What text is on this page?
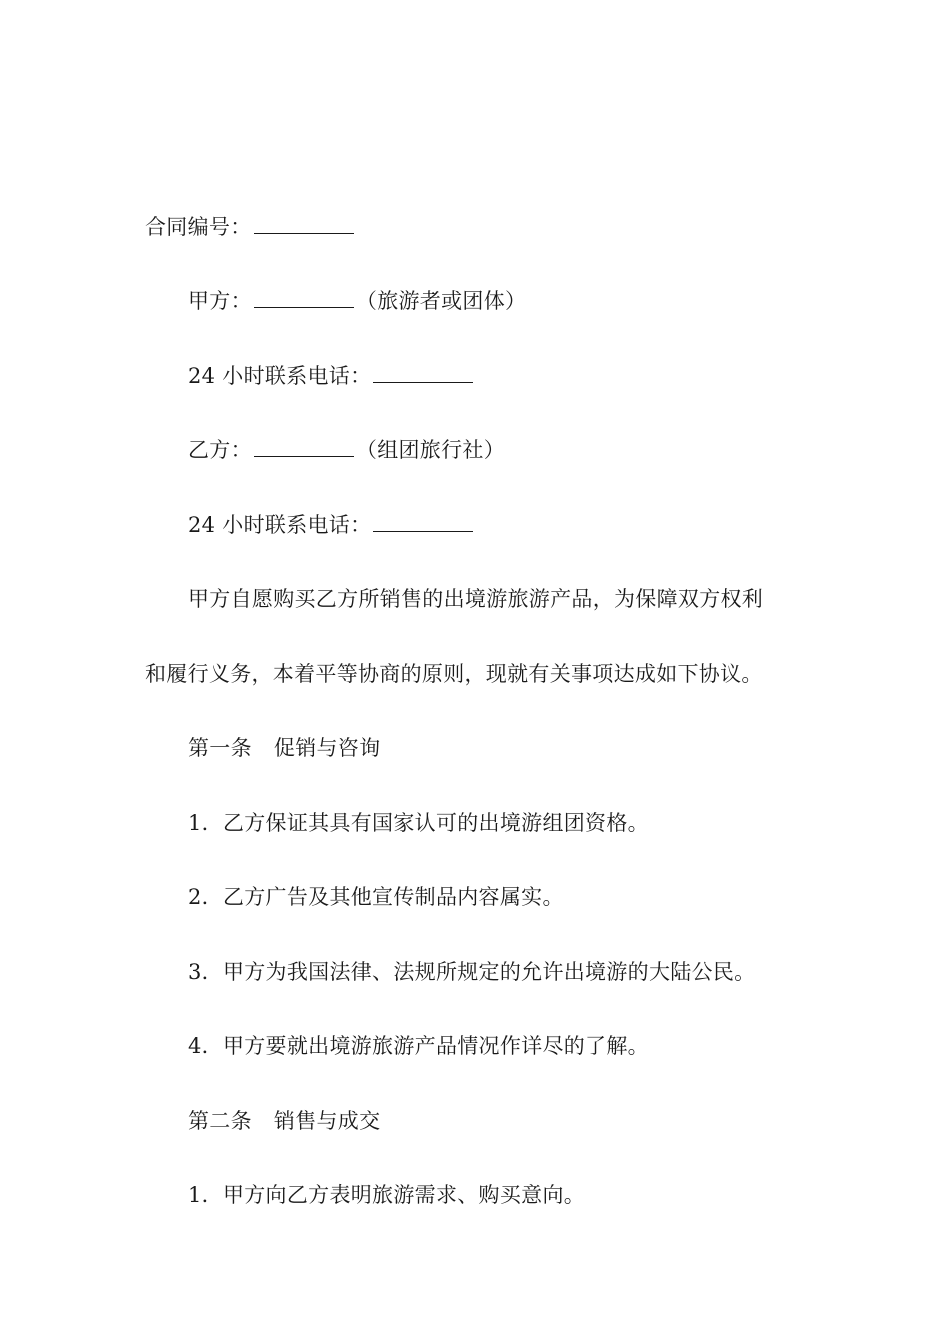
合同编号：
甲方：	（旅游者或团体）
24 小时联系电话：
乙方：	（组团旅行社）
24 小时联系电话：
甲方自愿购买乙方所销售的出境游旅游产品，为保障双方权利
和履行义务，本着平等协商的原则，现就有关事项达成如下协议。
第一条 促销与咨询
1．乙方保证其具有国家认可的出境游组团资格。
2．乙方广告及其他宣传制品内容属实。
3．甲方为我国法律、法规所规定的允许出境游的大陆公民。
4．甲方要就出境游旅游产品情况作详尽的了解。
第二条 销售与成交
1．甲方向乙方表明旅游需求、购买意向。
